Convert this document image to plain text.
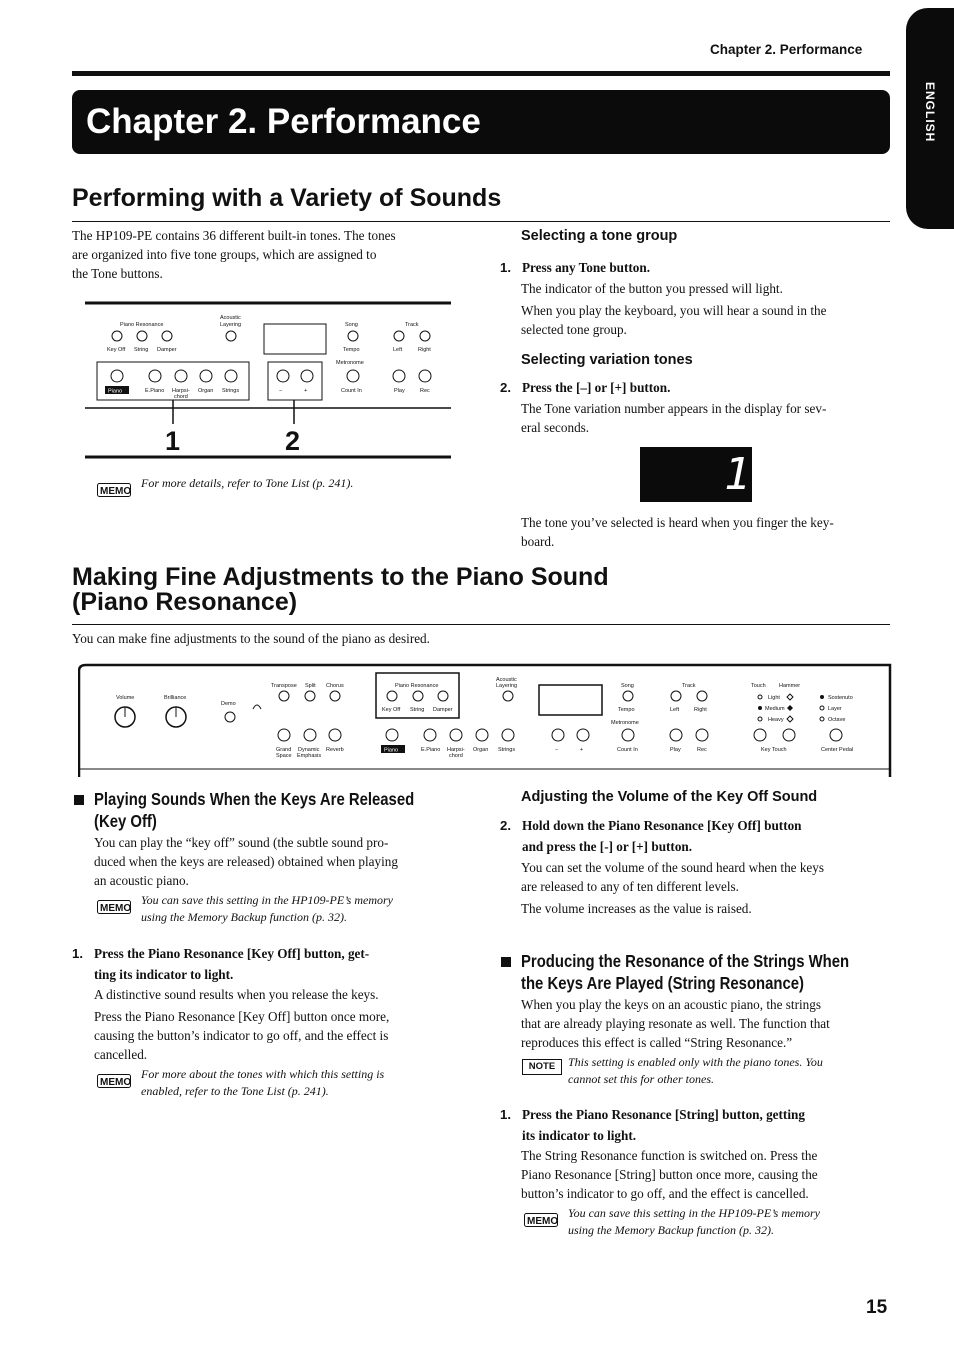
Chapter 2. Performance
ENGLISH
Chapter 2. Performance
Performing with a Variety of Sounds
The HP109-PE contains 36 different built-in tones. The tones
are organized into five tone groups, which are assigned to
the Tone buttons.
Piano Resonance
Acoustic
Layering	Song	Track
Key Off String Damper	Tempo	Left	Right
Metronome
Piano	E.Piano Harpsi-
chord
Organ Strings	−	+	Count In	Play	Rec
1	2
MEMO
For more details, refer to Tone List (p. 241).
Selecting a tone group
1. Press any Tone button.
The indicator of the button you pressed will light.
When you play the keyboard, you will hear a sound in the
selected tone group.
Selecting variation tones
2. Press the [–] or [+] button.
The Tone variation number appears in the display for sev-
eral seconds.
1
The tone you’ve selected is heard when you finger the key-
board.
Making Fine Adjustments to the Piano Sound
(Piano Resonance)
You can make fine adjustments to the sound of the piano as desired.
Volume	Brilliance
Demo
Transpose Split Chorus
Grand
Space
Dynamic
Emphasis
Reverb
Piano Resonance
Key Off String Damper
Acoustic
Layering
Piano	E.Piano Harpsi-
chord
Organ Strings	−	+
Song
Tempo
Metronome
Count In
Track
Left	Right
Play	Rec
Touch Hammer
Light
Medium
Heavy
Sostenuto
Layer
Octave
Key Touch	Center Pedal
Playing Sounds When the Keys Are Released
(Key Off)
You can play the “key off” sound (the subtle sound pro-
duced when the keys are released) obtained when playing
an acoustic piano.
MEMO
You can save this setting in the HP109-PE’s memory
using the Memory Backup function (p. 32).
1. Press the Piano Resonance [Key Off] button, get-
ting its indicator to light.
A distinctive sound results when you release the keys.
Press the Piano Resonance [Key Off] button once more,
causing the button’s indicator to go off, and the effect is
cancelled.
MEMO
For more about the tones with which this setting is
enabled, refer to the Tone List (p. 241).
Adjusting the Volume of the Key Off Sound
2. Hold down the Piano Resonance [Key Off] button
and press the [-] or [+] button.
You can set the volume of the sound heard when the keys
are released to any of ten different levels.
The volume increases as the value is raised.
Producing the Resonance of the Strings When
the Keys Are Played (String Resonance)
When you play the keys on an acoustic piano, the strings
that are already playing resonate as well. The function that
reproduces this effect is called “String Resonance.”
NOTE	This setting is enabled only with the piano tones. You
cannot set this for other tones.
1. Press the Piano Resonance [String] button, getting
its indicator to light.
The String Resonance function is switched on. Press the
Piano Resonance [String] button once more, causing the
button’s indicator to go off, and the effect is cancelled.
MEMO
You can save this setting in the HP109-PE’s memory
using the Memory Backup function (p. 32).
15
